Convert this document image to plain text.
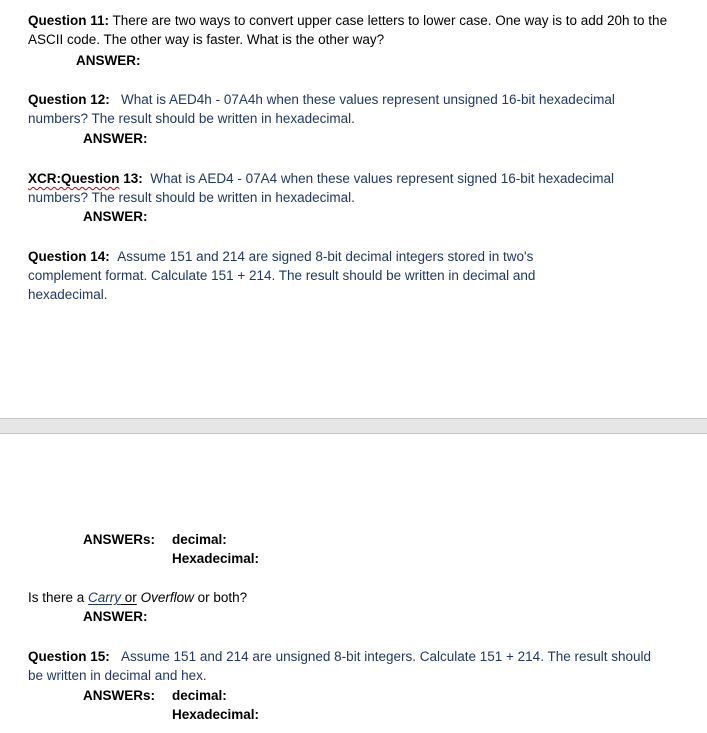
Question 11: There are two ways to convert upper case letters to lower case. One way is to add 20h to the ASCII code. The other way is faster. What is the other way?
ANSWER:
Question 12: What is AED4h - 07A4h when these values represent unsigned 16-bit hexadecimal numbers? The result should be written in hexadecimal.
ANSWER:
XCR:Question 13: What is AED4 - 07A4 when these values represent signed 16-bit hexadecimal numbers? The result should be written in hexadecimal.
ANSWER:
Question 14: Assume 151 and 214 are signed 8-bit decimal integers stored in two's complement format. Calculate 151 + 214. The result should be written in decimal and hexadecimal.
ANSWERs: decimal:
Hexadecimal:
Is there a Carry or Overflow or both?
ANSWER:
Question 15: Assume 151 and 214 are unsigned 8-bit integers. Calculate 151 + 214. The result should be written in decimal and hex.
ANSWERs: decimal:
Hexadecimal:
